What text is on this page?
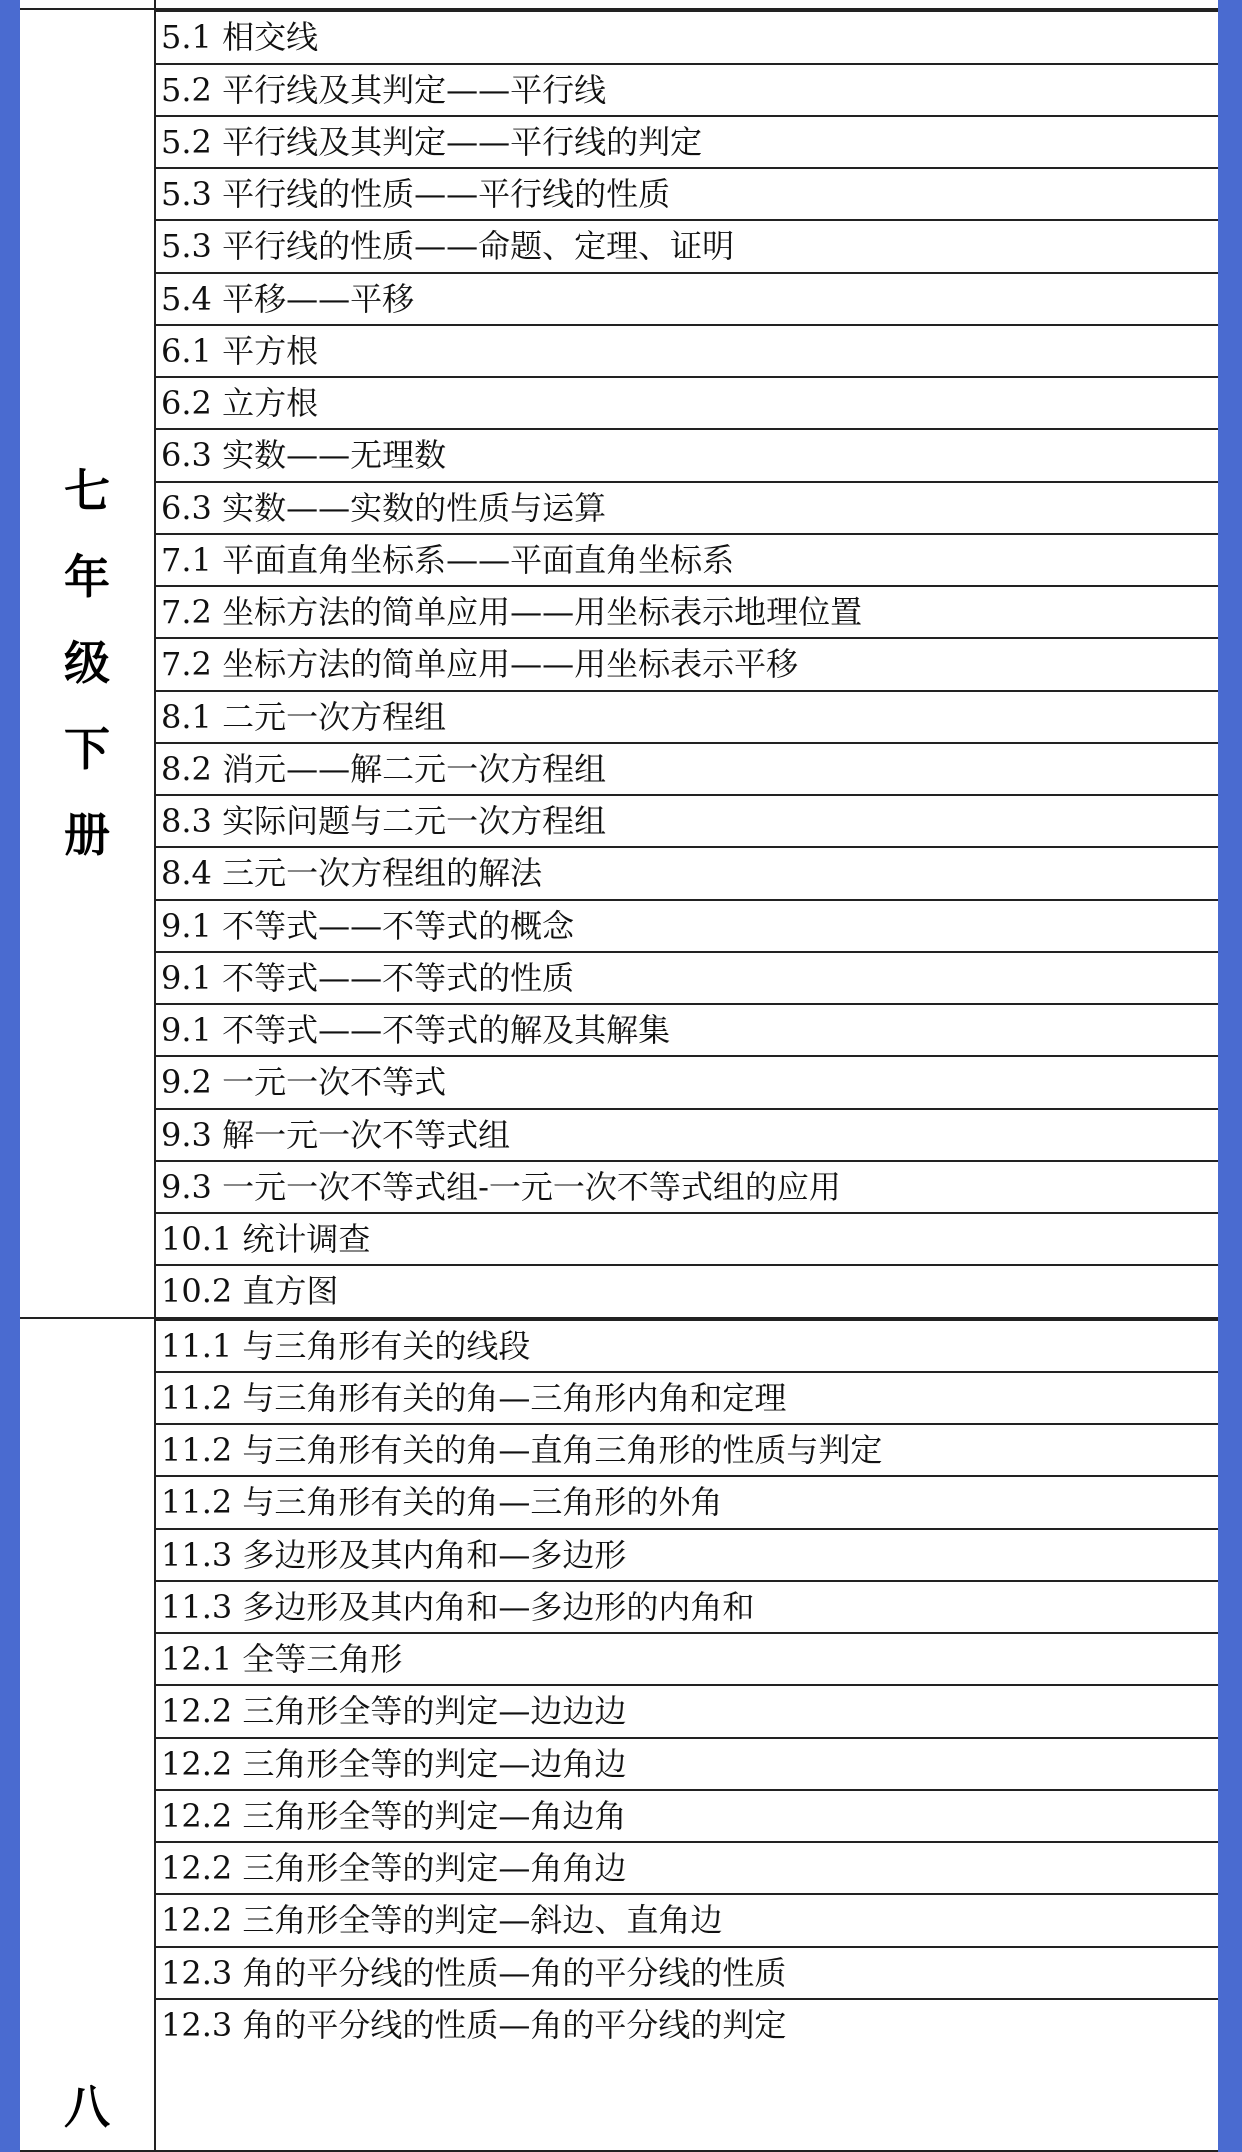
七
年
级
下
册
5.1 相交线
5.2 平行线及其判定——平行线
5.2 平行线及其判定——平行线的判定
5.3 平行线的性质——平行线的性质
5.3 平行线的性质——命题、定理、证明
5.4 平移——平移
6.1 平方根
6.2 立方根
6.3 实数——无理数
6.3 实数——实数的性质与运算
7.1 平面直角坐标系——平面直角坐标系
7.2 坐标方法的简单应用——用坐标表示地理位置
7.2 坐标方法的简单应用——用坐标表示平移
8.1 二元一次方程组
8.2 消元——解二元一次方程组
8.3 实际问题与二元一次方程组
8.4 三元一次方程组的解法
9.1 不等式——不等式的概念
9.1 不等式——不等式的性质
9.1 不等式——不等式的解及其解集
9.2 一元一次不等式
9.3 解一元一次不等式组
9.3 一元一次不等式组-一元一次不等式组的应用
10.1 统计调查
10.2 直方图
八
11.1 与三角形有关的线段
11.2 与三角形有关的角—三角形内角和定理
11.2 与三角形有关的角—直角三角形的性质与判定
11.2 与三角形有关的角—三角形的外角
11.3 多边形及其内角和—多边形
11.3 多边形及其内角和—多边形的内角和
12.1 全等三角形
12.2 三角形全等的判定—边边边
12.2 三角形全等的判定—边角边
12.2 三角形全等的判定—角边角
12.2 三角形全等的判定—角角边
12.2 三角形全等的判定—斜边、直角边
12.3 角的平分线的性质—角的平分线的性质
12.3 角的平分线的性质—角的平分线的判定
